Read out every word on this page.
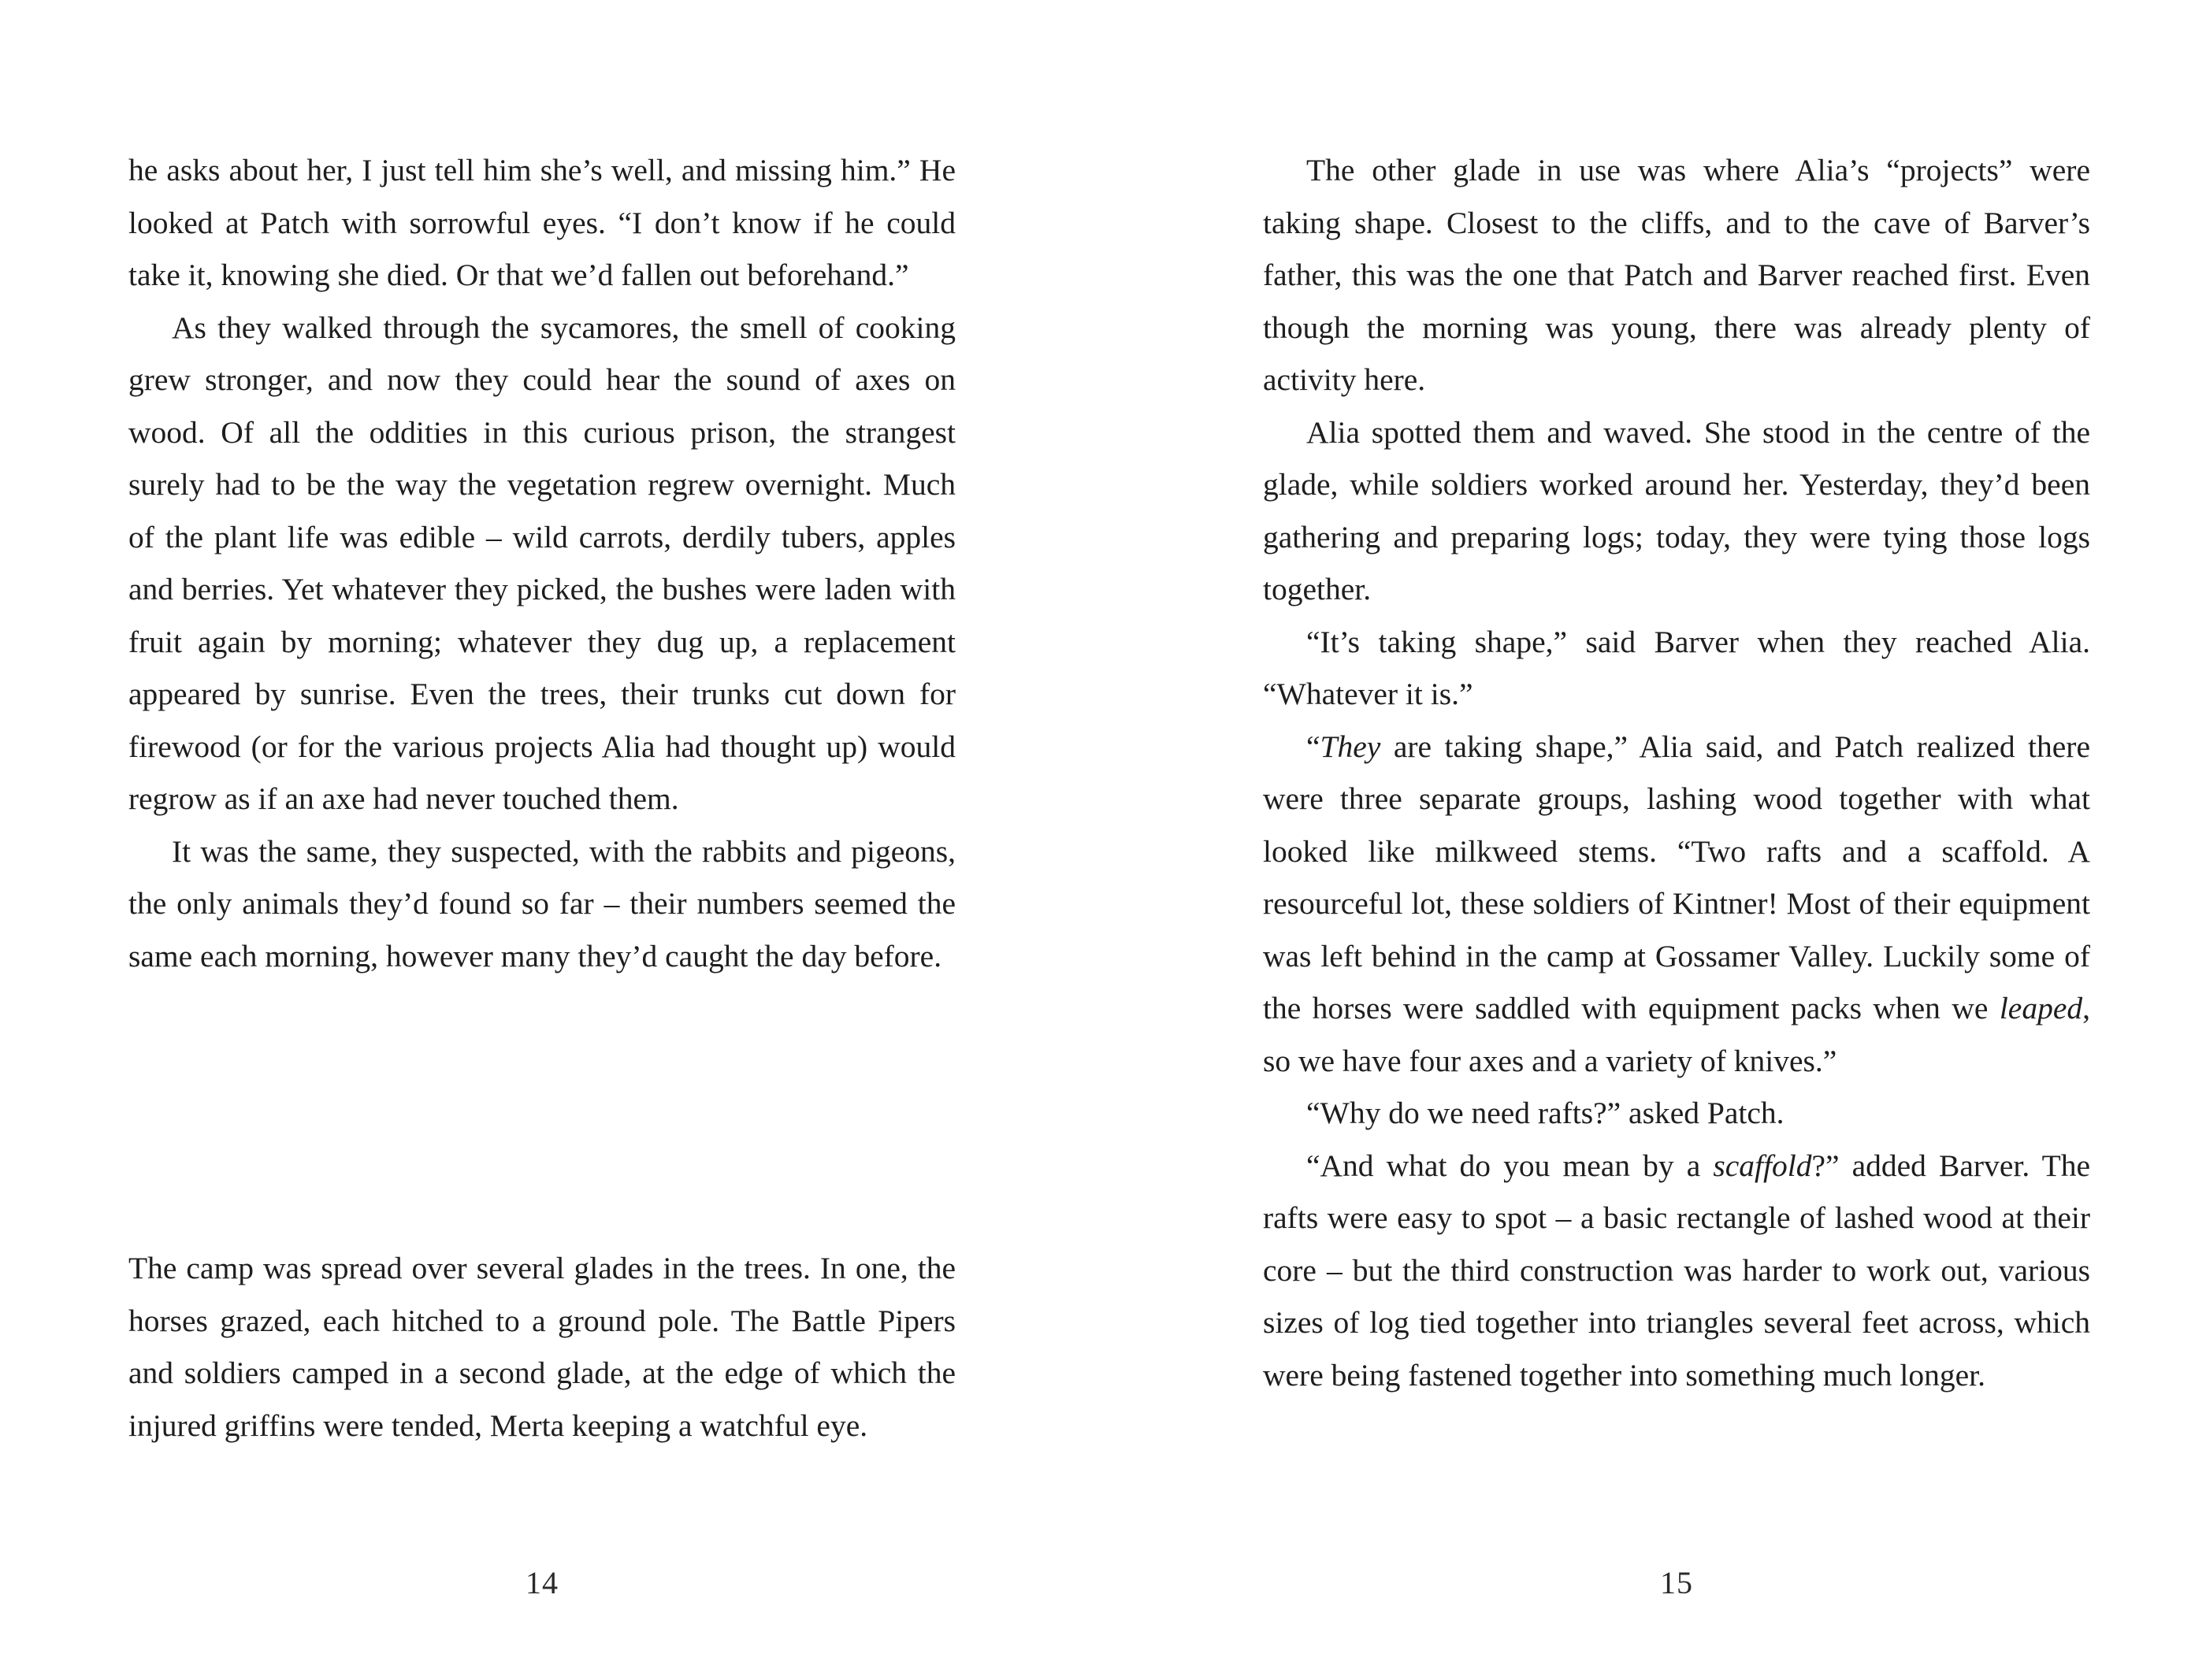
he asks about her, I just tell him she’s well, and missing him.” He looked at Patch with sorrowful eyes. “I don’t know if he could take it, knowing she died. Or that we’d fallen out beforehand.”

As they walked through the sycamores, the smell of cooking grew stronger, and now they could hear the sound of axes on wood. Of all the oddities in this curious prison, the strangest surely had to be the way the vegetation regrew overnight. Much of the plant life was edible – wild carrots, derdily tubers, apples and berries. Yet whatever they picked, the bushes were laden with fruit again by morning; whatever they dug up, a replacement appeared by sunrise. Even the trees, their trunks cut down for firewood (or for the various projects Alia had thought up) would regrow as if an axe had never touched them.

It was the same, they suspected, with the rabbits and pigeons, the only animals they’d found so far – their numbers seemed the same each morning, however many they’d caught the day before.

The camp was spread over several glades in the trees. In one, the horses grazed, each hitched to a ground pole. The Battle Pipers and soldiers camped in a second glade, at the edge of which the injured griffins were tended, Merta keeping a watchful eye.

14

The other glade in use was where Alia’s “projects” were taking shape. Closest to the cliffs, and to the cave of Barver’s father, this was the one that Patch and Barver reached first. Even though the morning was young, there was already plenty of activity here.

Alia spotted them and waved. She stood in the centre of the glade, while soldiers worked around her. Yesterday, they’d been gathering and preparing logs; today, they were tying those logs together.

“It’s taking shape,” said Barver when they reached Alia. “Whatever it is.”

“They are taking shape,” Alia said, and Patch realized there were three separate groups, lashing wood together with what looked like milkweed stems. “Two rafts and a scaffold. A resourceful lot, these soldiers of Kintner! Most of their equipment was left behind in the camp at Gossamer Valley. Luckily some of the horses were saddled with equipment packs when we leaped, so we have four axes and a variety of knives.”

“Why do we need rafts?” asked Patch.

“And what do you mean by a scaffold?” added Barver. The rafts were easy to spot – a basic rectangle of lashed wood at their core – but the third construction was harder to work out, various sizes of log tied together into triangles several feet across, which were being fastened together into something much longer.

15
